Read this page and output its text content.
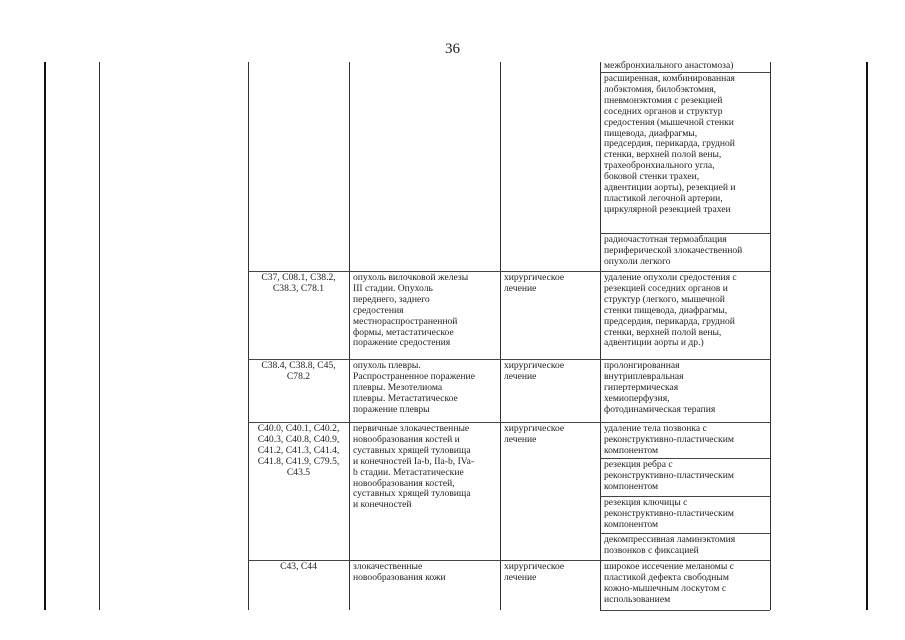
36
межбронхиального анастомоза)
расширенная, комбинированная
лобэктомия, билобэктомия,
пневмонэктомия с резекцией
соседних органов и структур
средостения (мышечной стенки
пищевода, диафрагмы,
предсердия, перикарда, грудной
стенки, верхней полой вены,
трахеобронхиального угла,
боковой стенки трахеи,
адвентиции аорты), резекцией и
пластикой легочной артерии,
циркулярной резекцией трахеи
радиочастотная термоаблация
периферической злокачественной
опухоли легкого
C37, C08.1, C38.2,
C38.3, C78.1
опухоль вилочковой железы
III стадии. Опухоль
переднего, заднего
средостения
местнораспространенной
формы, метастатическое
поражение средостения
хирургическое
лечение
удаление опухоли средостения с
резекцией соседних органов и
структур (легкого, мышечной
стенки пищевода, диафрагмы,
предсердия, перикарда, грудной
стенки, верхней полой вены,
адвентиции аорты и др.)
C38.4, C38.8, C45,
C78.2
опухоль плевры.
Распространенное поражение
плевры. Мезотелиома
плевры. Метастатическое
поражение плевры
хирургическое
лечение
пролонгированная
внутриплевральная
гипертермическая
хемиоперфузия,
фотодинамическая терапия
C40.0, C40.1, C40.2,
C40.3, C40.8, C40.9,
C41.2, C41.3, C41.4,
C41.8, C41.9, C79.5,
C43.5
первичные злокачественные
новообразования костей и
суставных хрящей туловища
и конечностей Ia-b, IIa-b, IVa-
b стадии. Метастатические
новообразования костей,
суставных хрящей туловища
и конечностей
хирургическое
лечение
удаление тела позвонка с
реконструктивно-пластическим
компонентом
резекция ребра с
реконструктивно-пластическим
компонентом
резекция ключицы с
реконструктивно-пластическим
компонентом
декомпрессивная ламинэктомия
позвонков с фиксацией
C43, C44	злокачественные
новообразования кожи
хирургическое
лечение
широкое иссечение меланомы с
пластикой дефекта свободным
кожно-мышечным лоскутом с
использованием
